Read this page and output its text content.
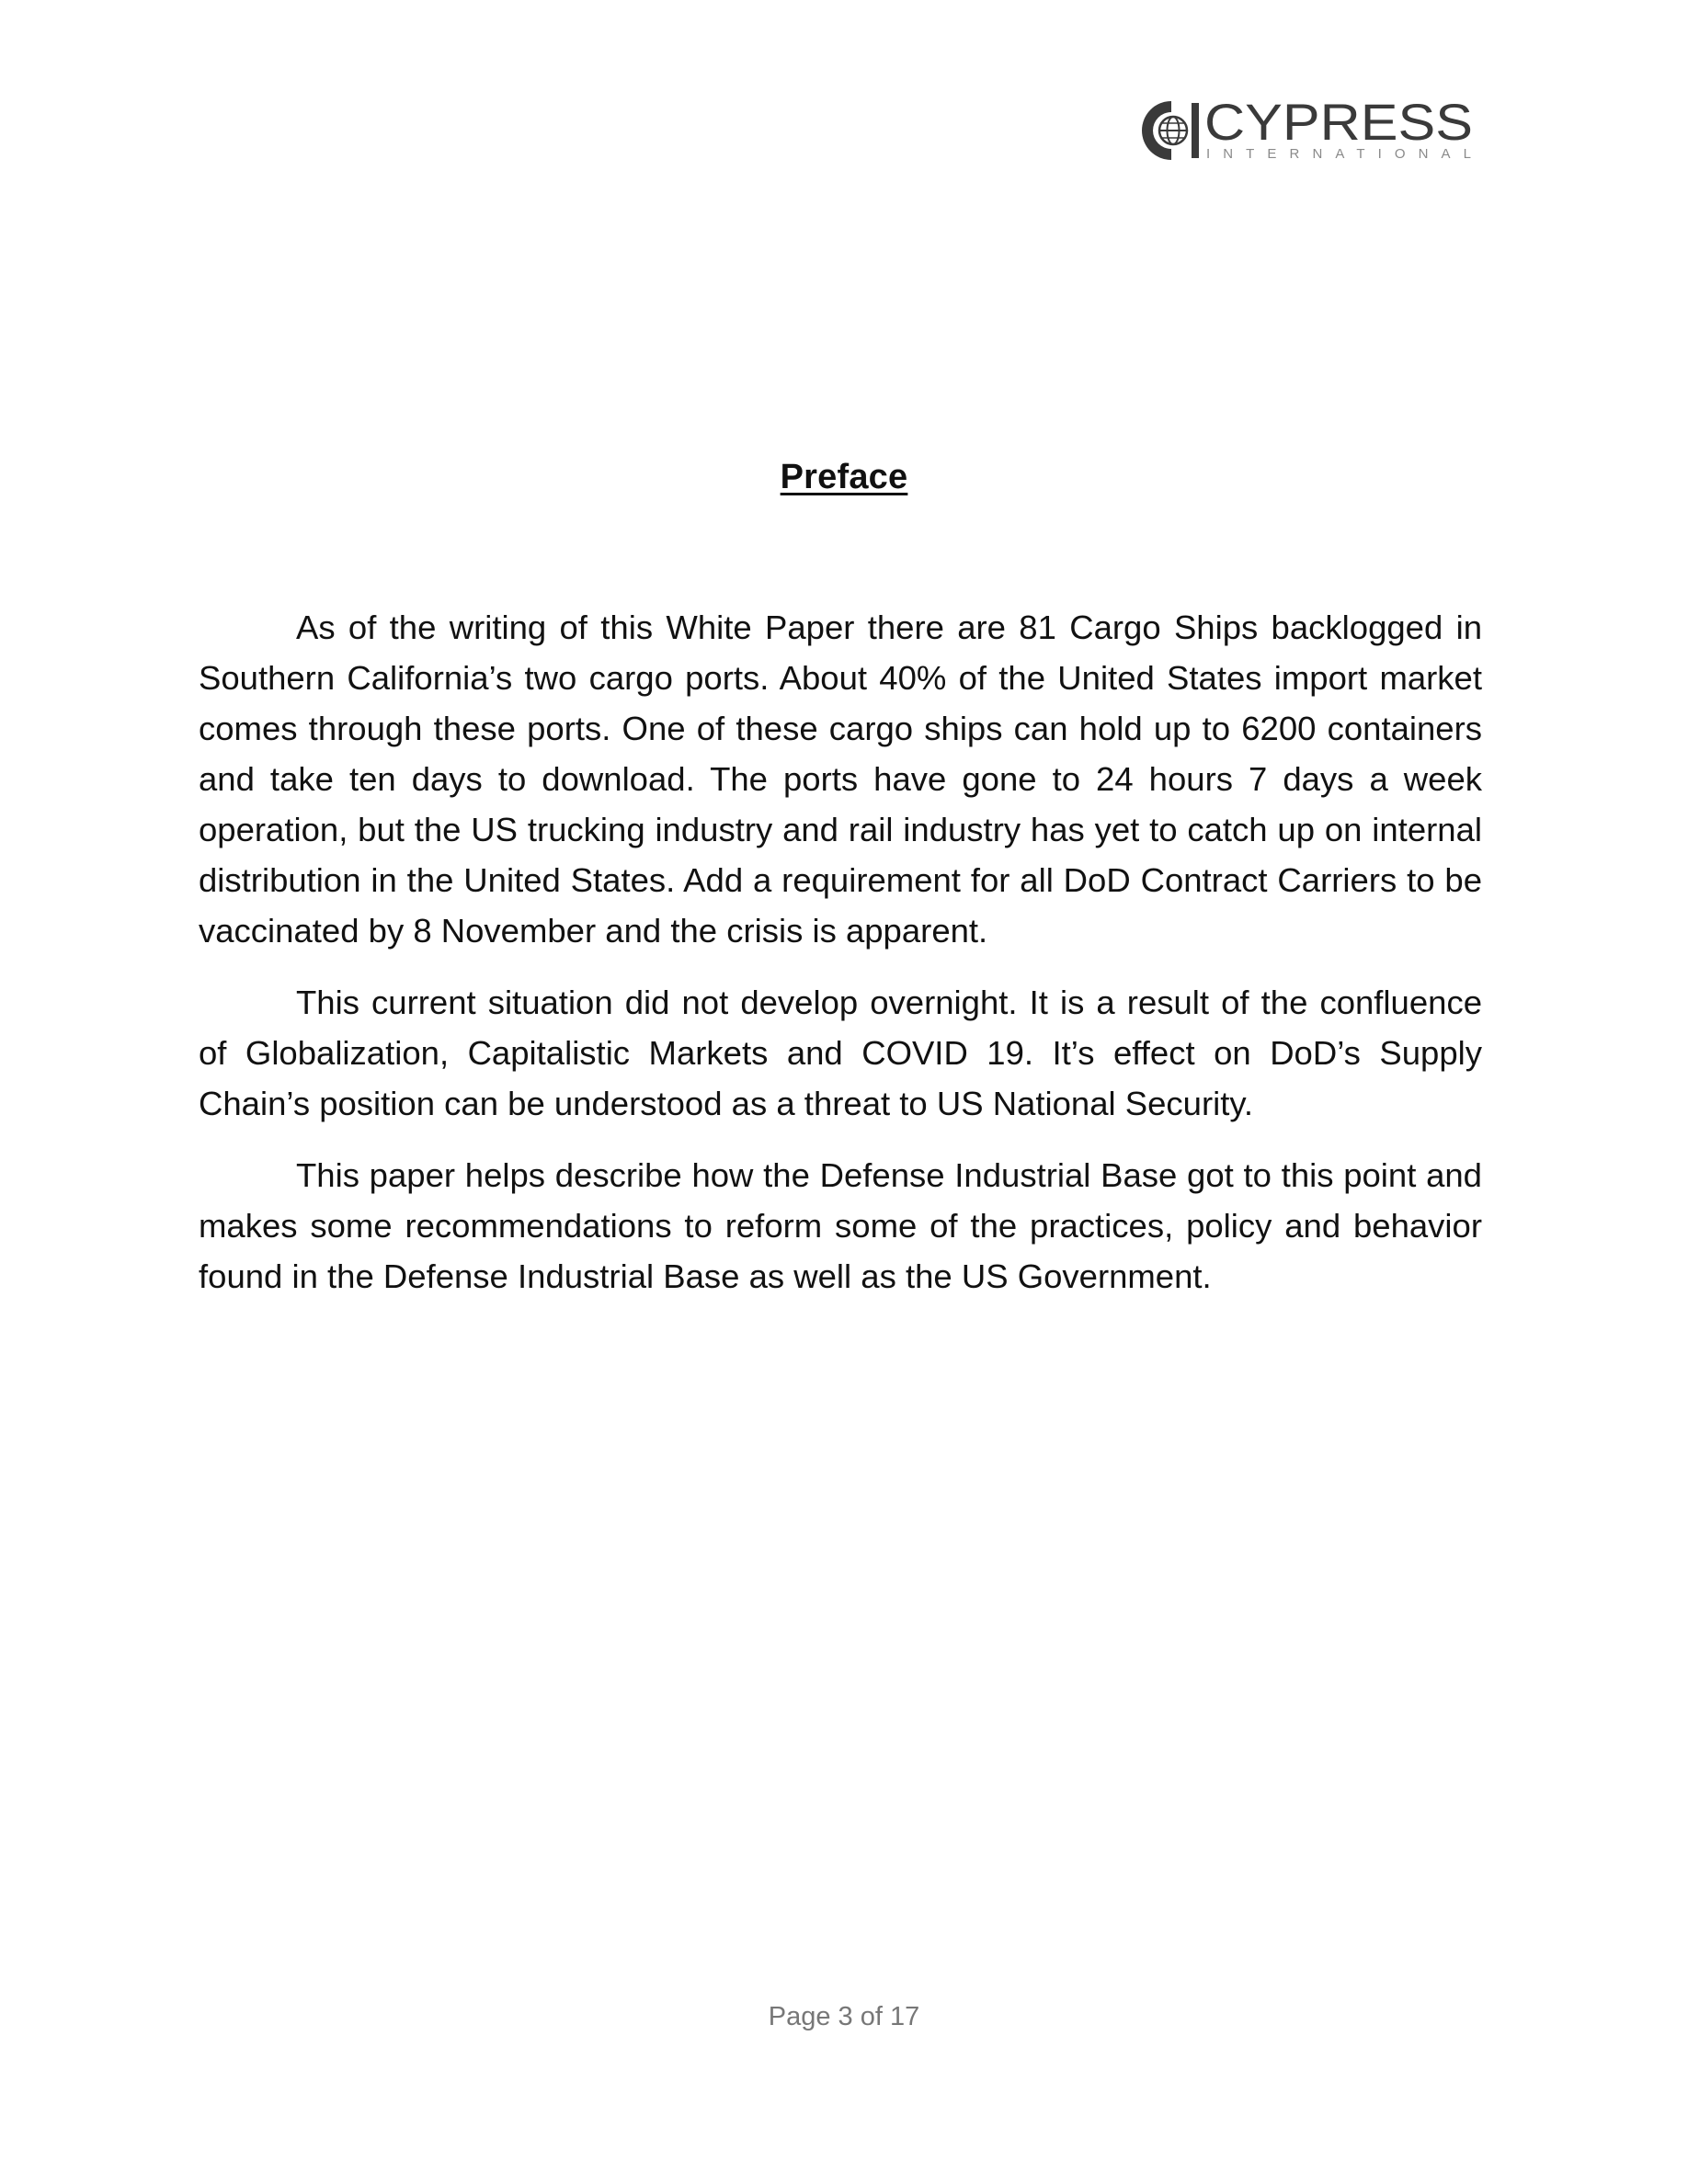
CYPRESS
INTERNATIONAL
Preface

As of the writing of this White Paper there are 81 Cargo Ships backlogged in Southern California’s two cargo ports. About 40% of the United States import market comes through these ports. One of these cargo ships can hold up to 6200 containers and take ten days to download. The ports have gone to 24 hours 7 days a week operation, but the US trucking industry and rail industry has yet to catch up on internal distribution in the United States. Add a requirement for all DoD Contract Carriers to be vaccinated by 8 November and the crisis is apparent.

This current situation did not develop overnight. It is a result of the confluence of Globalization, Capitalistic Markets and COVID 19. It’s effect on DoD’s Supply Chain’s position can be understood as a threat to US National Security.

This paper helps describe how the Defense Industrial Base got to this point and makes some recommendations to reform some of the practices, policy and behavior found in the Defense Industrial Base as well as the US Government.

Page 3 of 17
